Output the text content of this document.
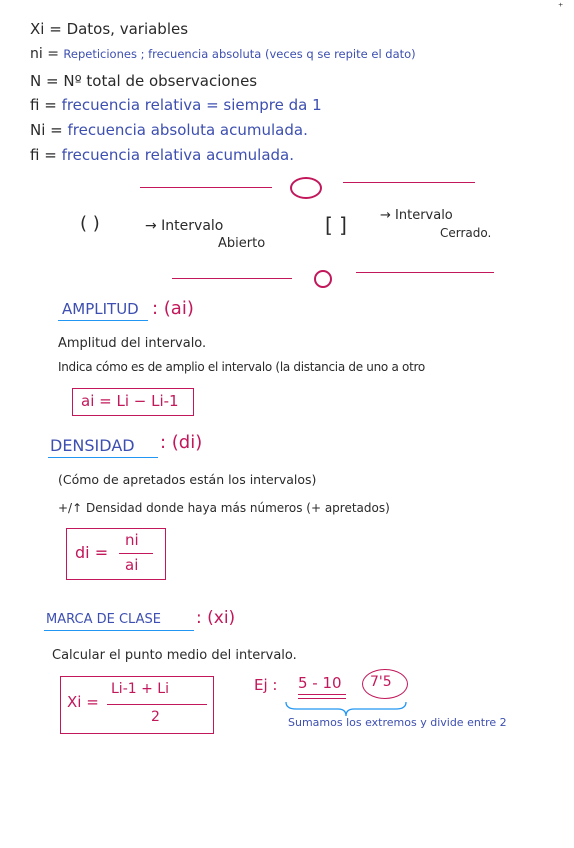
Xi = Datos, variables
ni = Repeticiones ; frecuencia absoluta (veces q se repite el dato)
N = Nº total de observaciones
fi = frecuencia relativa = siempre da 1
Ni = frecuencia absoluta acumulada.
fi = frecuencia relativa acumulada.
( )	→ Intervalo
Abierto
[ ]	→ Intervalo
Cerrado.
AMPLITUD : (ai)
Amplitud del intervalo.
Indica cómo es de amplio el intervalo (la distancia de uno a otro
ai = Li − Li-1
DENSIDAD : (di)
(Cómo de apretados están los intervalos)
+/↑ Densidad donde haya más números (+ apretados)
di =
ni
ai
MARCA DE CLASE : (xi)
Calcular el punto medio del intervalo.
Xi =
Li-1 + Li
2
Ej : 5 - 10 7'5
Sumamos los extremos y divide entre 2
⁺
